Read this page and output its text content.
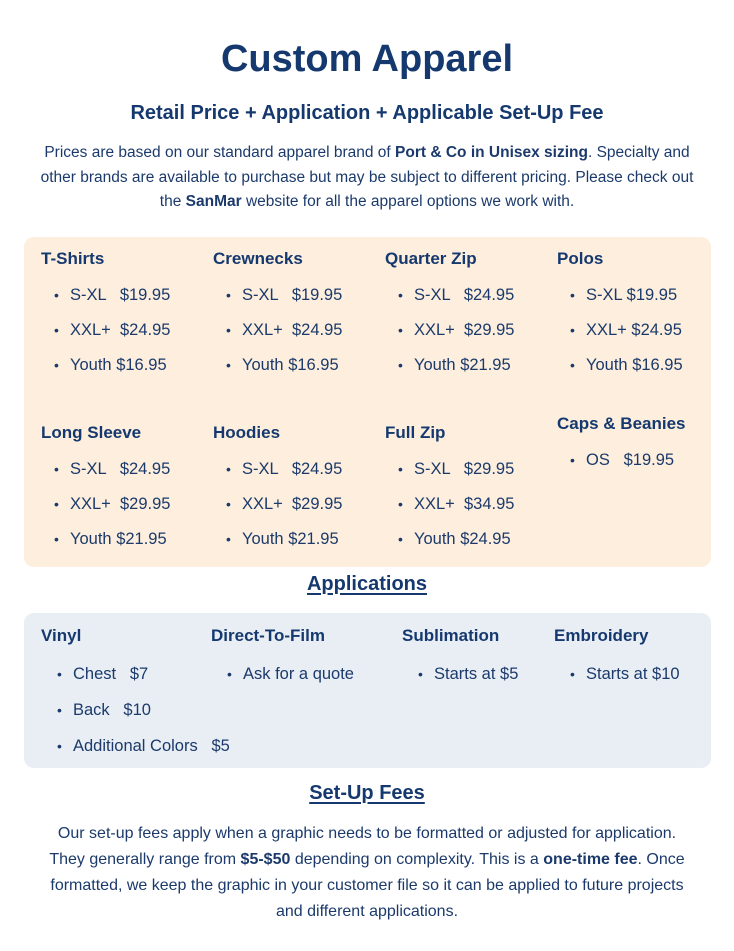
Custom Apparel
Retail Price + Application + Applicable Set-Up Fee

Prices are based on our standard apparel brand of Port & Co in Unisex sizing. Specialty and other brands are available to purchase but may be subject to different pricing. Please check out the SanMar website for all the apparel options we work with.

T-Shirts
• S-XL   $19.95
• XXL+  $24.95
• Youth $16.95
Crewnecks
• S-XL   $19.95
• XXL+  $24.95
• Youth $16.95
Quarter Zip
• S-XL   $24.95
• XXL+  $29.95
• Youth $21.95
Polos
• S-XL $19.95
• XXL+ $24.95
• Youth $16.95
Long Sleeve
• S-XL   $24.95
• XXL+  $29.95
• Youth $21.95
Hoodies
• S-XL   $24.95
• XXL+  $29.95
• Youth $21.95
Full Zip
• S-XL   $29.95
• XXL+  $34.95
• Youth $24.95
Caps & Beanies
• OS   $19.95
Applications
Vinyl
• Chest   $7
• Back   $10
• Additional Colors   $5
Direct-To-Film
• Ask for a quote
Sublimation
• Starts at $5
Embroidery
• Starts at $10
Set-Up Fees

Our set-up fees apply when a graphic needs to be formatted or adjusted for application. They generally range from $5-$50 depending on complexity. This is a one-time fee. Once formatted, we keep the graphic in your customer file so it can be applied to future projects and different applications.
